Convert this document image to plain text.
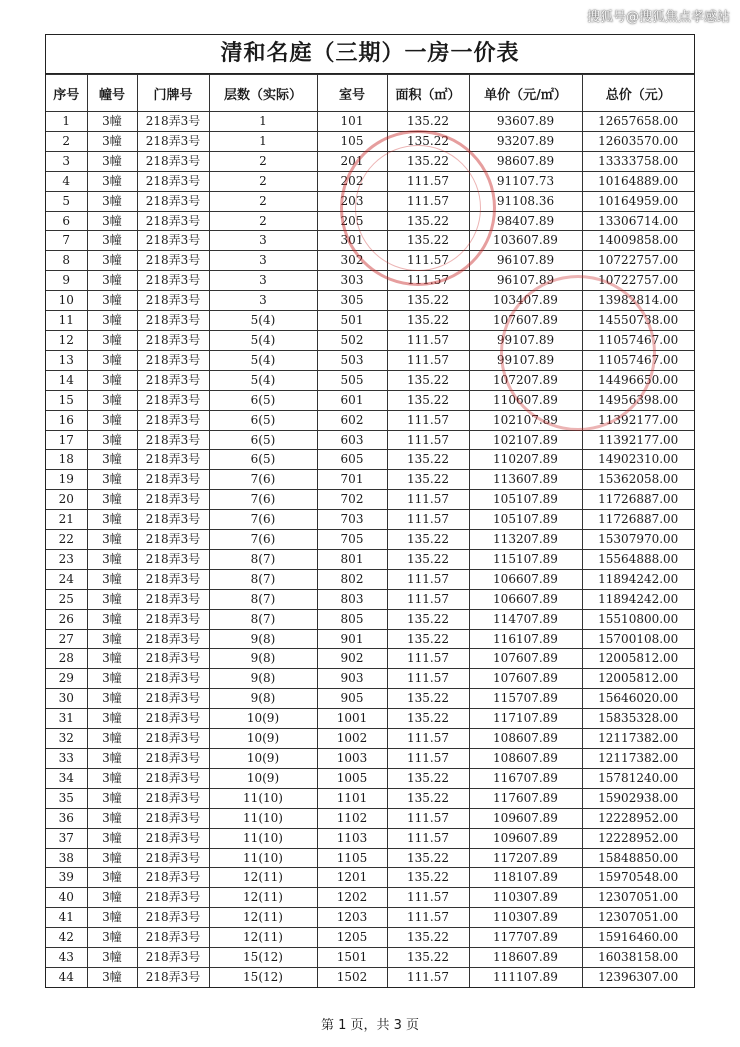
搜狐号@搜狐焦点孝感站
清和名庭（三期）一房一价表
序号	幢号	门牌号	层数（实际）	室号	面积（㎡）	单价（元/㎡）	总价（元）
1	3幢	218弄3号	1	101	135.22	93607.89	12657658.00
2	3幢	218弄3号	1	105	135.22	93207.89	12603570.00
3	3幢	218弄3号	2	201	135.22	98607.89	13333758.00
4	3幢	218弄3号	2	202	111.57	91107.73	10164889.00
5	3幢	218弄3号	2	203	111.57	91108.36	10164959.00
6	3幢	218弄3号	2	205	135.22	98407.89	13306714.00
7	3幢	218弄3号	3	301	135.22	103607.89	14009858.00
8	3幢	218弄3号	3	302	111.57	96107.89	10722757.00
9	3幢	218弄3号	3	303	111.57	96107.89	10722757.00
10	3幢	218弄3号	3	305	135.22	103407.89	13982814.00
11	3幢	218弄3号	5(4)	501	135.22	107607.89	14550738.00
12	3幢	218弄3号	5(4)	502	111.57	99107.89	11057467.00
13	3幢	218弄3号	5(4)	503	111.57	99107.89	11057467.00
14	3幢	218弄3号	5(4)	505	135.22	107207.89	14496650.00
15	3幢	218弄3号	6(5)	601	135.22	110607.89	14956398.00
16	3幢	218弄3号	6(5)	602	111.57	102107.89	11392177.00
17	3幢	218弄3号	6(5)	603	111.57	102107.89	11392177.00
18	3幢	218弄3号	6(5)	605	135.22	110207.89	14902310.00
19	3幢	218弄3号	7(6)	701	135.22	113607.89	15362058.00
20	3幢	218弄3号	7(6)	702	111.57	105107.89	11726887.00
21	3幢	218弄3号	7(6)	703	111.57	105107.89	11726887.00
22	3幢	218弄3号	7(6)	705	135.22	113207.89	15307970.00
23	3幢	218弄3号	8(7)	801	135.22	115107.89	15564888.00
24	3幢	218弄3号	8(7)	802	111.57	106607.89	11894242.00
25	3幢	218弄3号	8(7)	803	111.57	106607.89	11894242.00
26	3幢	218弄3号	8(7)	805	135.22	114707.89	15510800.00
27	3幢	218弄3号	9(8)	901	135.22	116107.89	15700108.00
28	3幢	218弄3号	9(8)	902	111.57	107607.89	12005812.00
29	3幢	218弄3号	9(8)	903	111.57	107607.89	12005812.00
30	3幢	218弄3号	9(8)	905	135.22	115707.89	15646020.00
31	3幢	218弄3号	10(9)	1001	135.22	117107.89	15835328.00
32	3幢	218弄3号	10(9)	1002	111.57	108607.89	12117382.00
33	3幢	218弄3号	10(9)	1003	111.57	108607.89	12117382.00
34	3幢	218弄3号	10(9)	1005	135.22	116707.89	15781240.00
35	3幢	218弄3号	11(10)	1101	135.22	117607.89	15902938.00
36	3幢	218弄3号	11(10)	1102	111.57	109607.89	12228952.00
37	3幢	218弄3号	11(10)	1103	111.57	109607.89	12228952.00
38	3幢	218弄3号	11(10)	1105	135.22	117207.89	15848850.00
39	3幢	218弄3号	12(11)	1201	135.22	118107.89	15970548.00
40	3幢	218弄3号	12(11)	1202	111.57	110307.89	12307051.00
41	3幢	218弄3号	12(11)	1203	111.57	110307.89	12307051.00
42	3幢	218弄3号	12(11)	1205	135.22	117707.89	15916460.00
43	3幢	218弄3号	15(12)	1501	135.22	118607.89	16038158.00
44	3幢	218弄3号	15(12)	1502	111.57	111107.89	12396307.00
第 1 页，共 3 页
